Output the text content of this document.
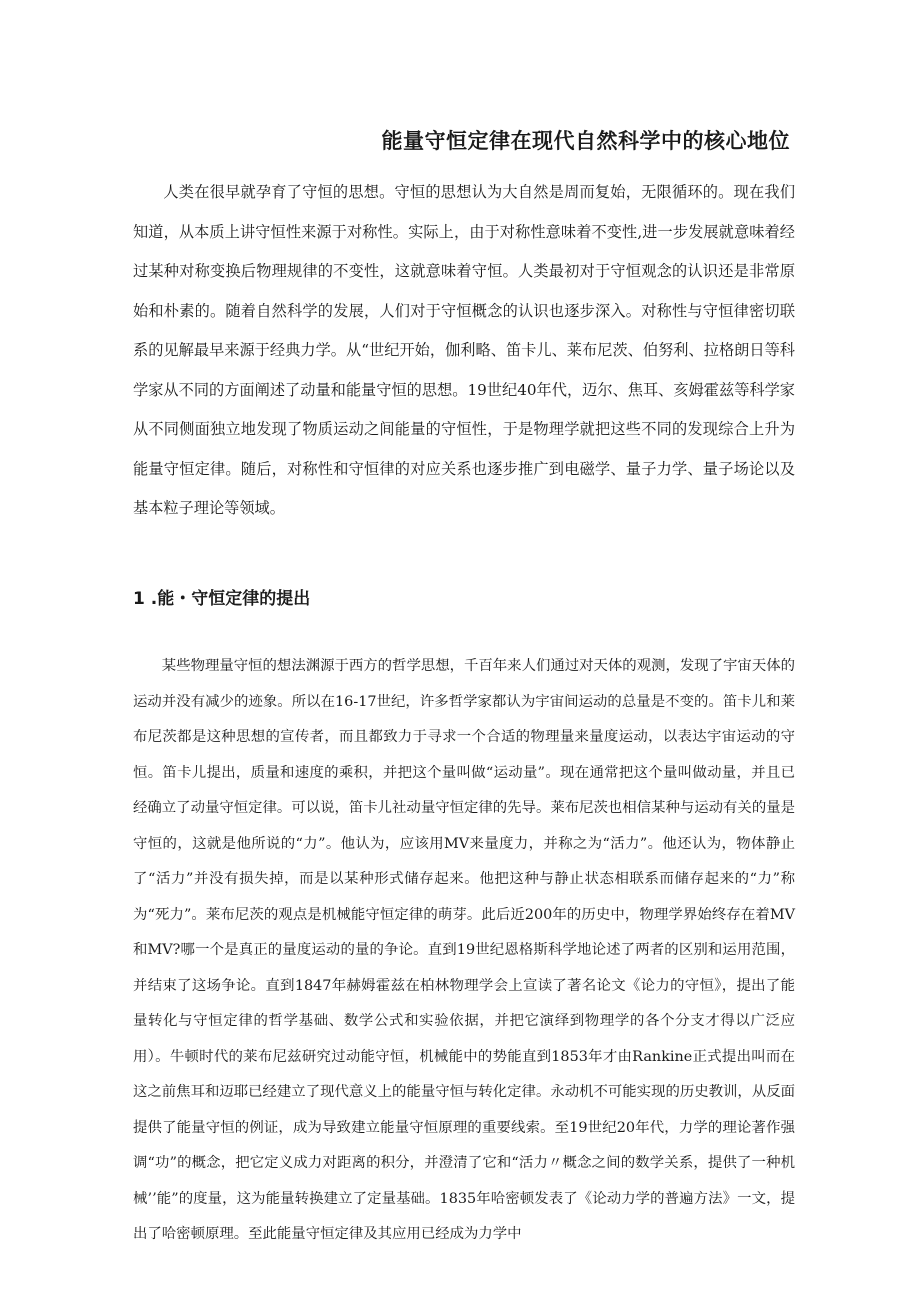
能量守恒定律在现代自然科学中的核心地位

人类在很早就孕育了守恒的思想。守恒的思想认为大自然是周而复始，无限循环的。现在我们知道，从本质上讲守恒性来源于对称性。实际上，由于对称性意味着不变性,进一步发展就意味着经过某种对称变换后物理规律的不变性，这就意味着守恒。人类最初对于守恒观念的认识还是非常原始和朴素的。随着自然科学的发展，人们对于守恒概念的认识也逐步深入。对称性与守恒律密切联系的见解最早来源于经典力学。从“世纪开始，伽利略、笛卡儿、莱布尼茨、伯努利、拉格朗日等科学家从不同的方面阐述了动量和能量守恒的思想。19世纪40年代，迈尔、焦耳、亥姆霍兹等科学家从不同侧面独立地发现了物质运动之间能量的守恒性，于是物理学就把这些不同的发现综合上升为能量守恒定律。随后，对称性和守恒律的对应关系也逐步推广到电磁学、量子力学、量子场论以及基本粒子理论等领域。

1 .能・守恒定律的提出

某些物理量守恒的想法渊源于西方的哲学思想，千百年来人们通过对天体的观测，发现了宇宙天体的运动并没有减少的迹象。所以在16-17世纪，许多哲学家都认为宇宙间运动的总量是不变的。笛卡儿和莱布尼茨都是这种思想的宣传者，而且都致力于寻求一个合适的物理量来量度运动，以表达宇宙运动的守恒。笛卡儿提出，质量和速度的乘积，并把这个量叫做“运动量”。现在通常把这个量叫做动量，并且已经确立了动量守恒定律。可以说，笛卡儿社动量守恒定律的先导。莱布尼茨也相信某种与运动有关的量是守恒的，这就是他所说的“力”。他认为，应该用MV来量度力，并称之为“活力”。他还认为，物体静止了“活力”并没有损失掉，而是以某种形式储存起来。他把这种与静止状态相联系而储存起来的“力”称为“死力”。莱布尼茨的观点是机械能守恒定律的萌芽。此后近200年的历史中，物理学界始终存在着MV和MV?哪一个是真正的量度运动的量的争论。直到19世纪恩格斯科学地论述了两者的区别和运用范围，并结束了这场争论。直到1847年赫姆霍兹在柏林物理学会上宣读了著名论文《论力的守恒》，提出了能量转化与守恒定律的哲学基础、数学公式和实验依据，并把它演绎到物理学的各个分支才得以广泛应用）。牛顿时代的莱布尼兹研究过动能守恒，机械能中的势能直到1853年才由Rankine正式提出叫而在这之前焦耳和迈耶已经建立了现代意义上的能量守恒与转化定律。永动机不可能实现的历史教训，从反面提供了能量守恒的例证，成为导致建立能量守恒原理的重要线索。至19世纪20年代，力学的理论著作强调“功”的概念，把它定义成力对距离的积分，并澄清了它和“活力〃概念之间的数学关系，提供了一种机械’’能”的度量，这为能量转换建立了定量基础。1835年哈密顿发表了《论动力学的普遍方法》一文，提出了哈密顿原理。至此能量守恒定律及其应用已经成为力学中
